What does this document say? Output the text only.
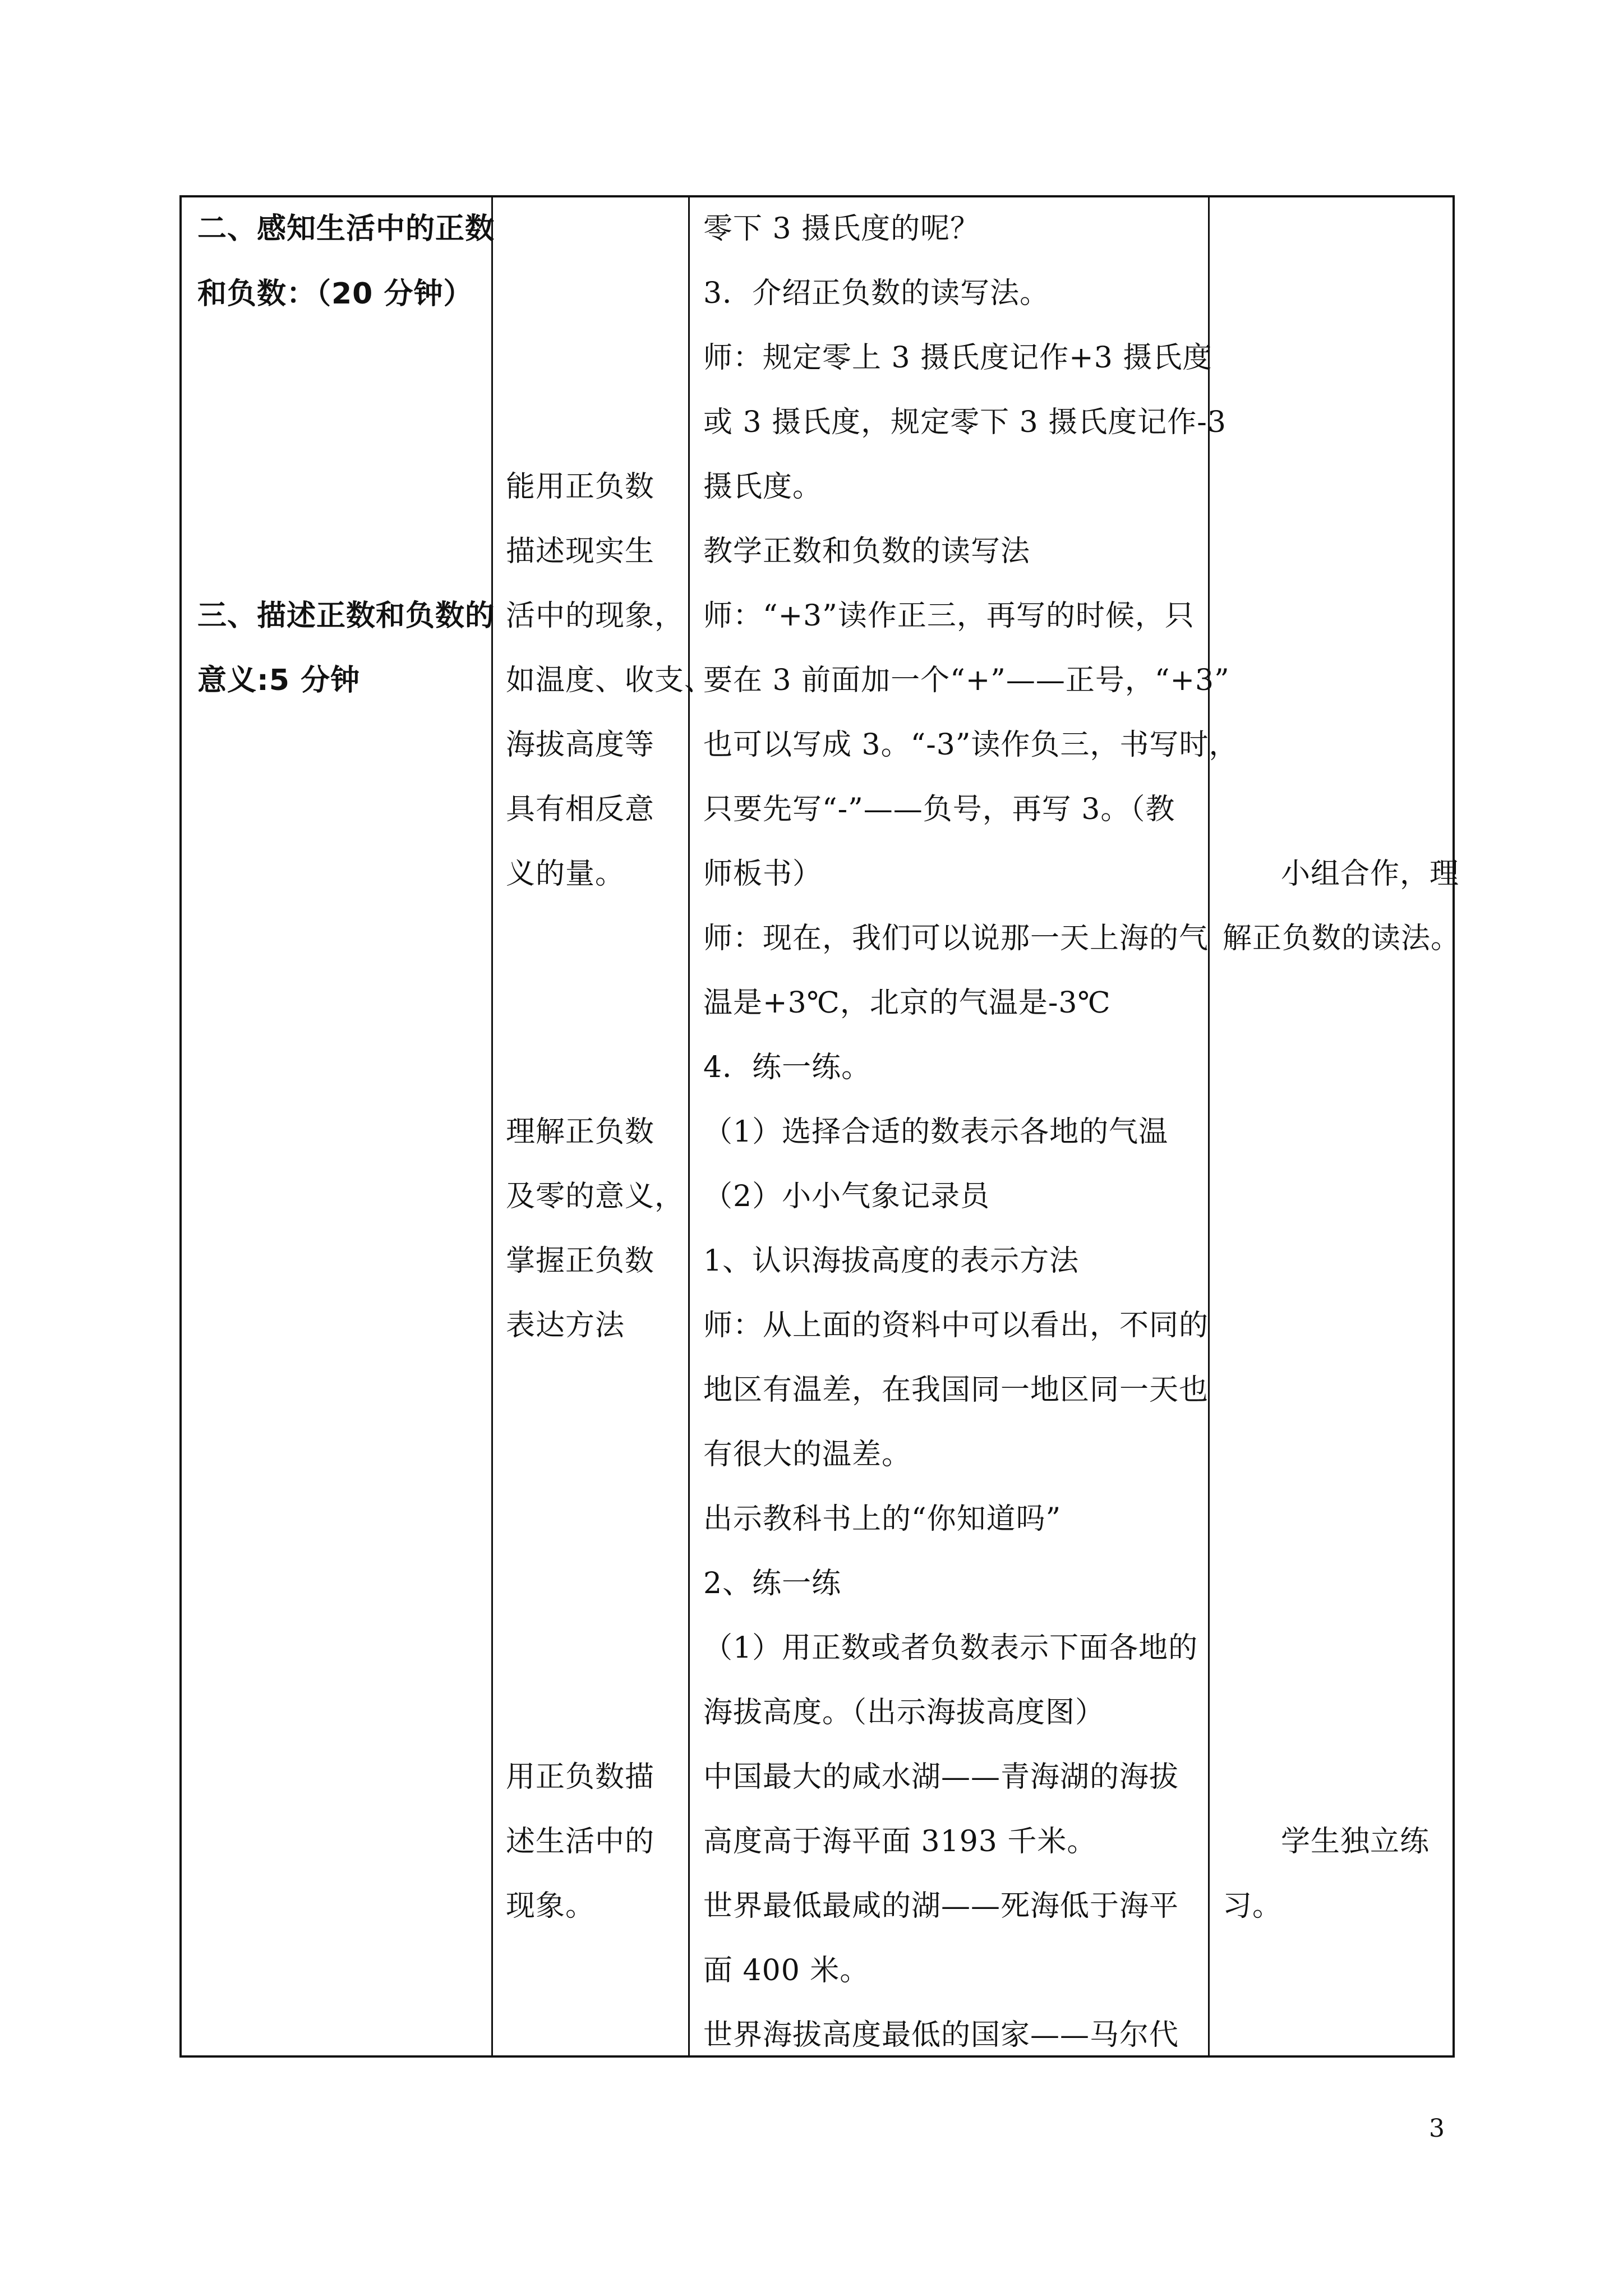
二、感知生活中的正数
和负数：（20 分钟）
三、描述正数和负数的
意义:5 分钟
能用正负数
描述现实生
活中的现象，
如温度、收支、
海拔高度等
具有相反意
义的量。
理解正负数
及零的意义，
掌握正负数
表达方法
用正负数描
述生活中的
现象。
零下 3 摄氏度的呢？
3．介绍正负数的读写法。
师：规定零上 3 摄氏度记作+3 摄氏度
或 3 摄氏度，规定零下 3 摄氏度记作-3
摄氏度。
教学正数和负数的读写法
师：“+3”读作正三，再写的时候，只
要在 3 前面加一个“+”——正号，“+3”
也可以写成 3。“-3”读作负三，书写时，
只要先写“-”——负号，再写 3。（教
师板书）
师：现在，我们可以说那一天上海的气
温是+3℃，北京的气温是-3℃
4．练一练。
（1）选择合适的数表示各地的气温
（2）小小气象记录员
1、认识海拔高度的表示方法
师：从上面的资料中可以看出，不同的
地区有温差，在我国同一地区同一天也
有很大的温差。
出示教科书上的“你知道吗”
2、练一练
（1）用正数或者负数表示下面各地的
海拔高度。（出示海拔高度图）
中国最大的咸水湖——青海湖的海拔
高度高于海平面 3193 千米。
世界最低最咸的湖——死海低于海平
面 400 米。
世界海拔高度最低的国家——马尔代
小组合作，理
解正负数的读法。
学生独立练
习。
3
